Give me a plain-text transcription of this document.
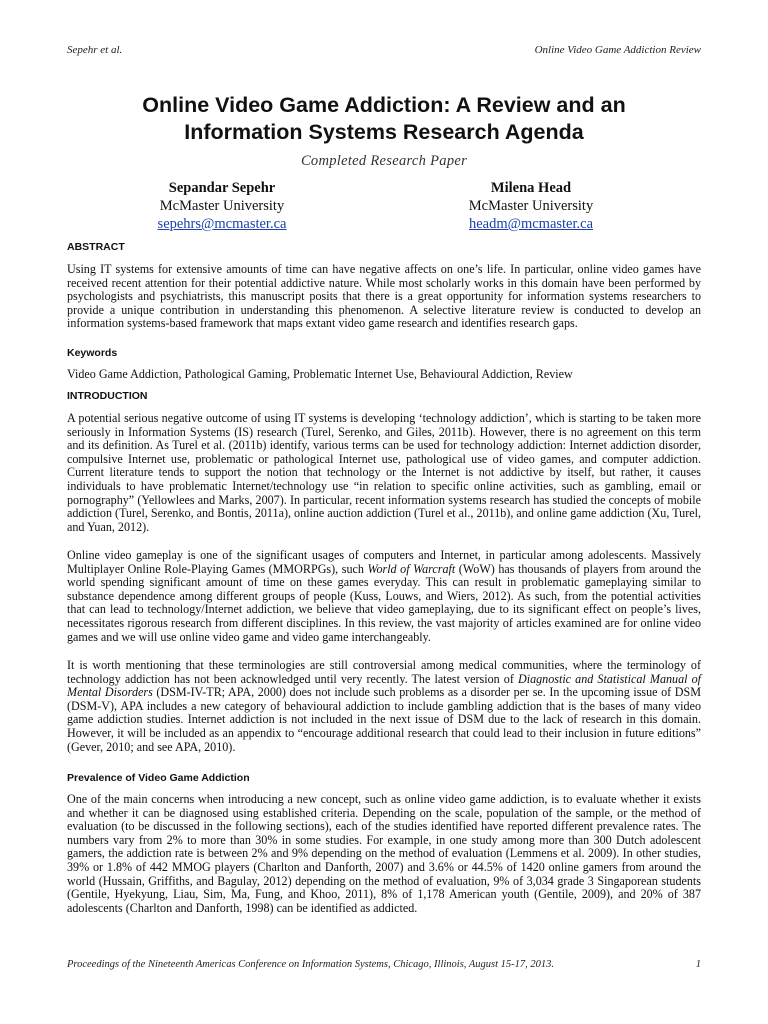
Sepehr et al.	Online Video Game Addiction Review
Online Video Game Addiction: A Review and an
Information Systems Research Agenda
Completed Research Paper
Sepandar Sepehr
McMaster University
sepehrs@mcmaster.ca
Milena Head
McMaster University
headm@mcmaster.ca
ABSTRACT

Using IT systems for extensive amounts of time can have negative affects on one’s life. In particular, online video games have received recent attention for their potential addictive nature. While most scholarly works in this domain have been performed by psychologists and psychiatrists, this manuscript posits that there is a great opportunity for information systems researchers to provide a unique contribution in understanding this phenomenon. A selective literature review is conducted to develop an information systems-based framework that maps extant video game research and identifies research gaps.

Keywords

Video Game Addiction, Pathological Gaming, Problematic Internet Use, Behavioural Addiction, Review

INTRODUCTION

A potential serious negative outcome of using IT systems is developing ‘technology addiction’, which is starting to be taken more seriously in Information Systems (IS) research (Turel, Serenko, and Giles, 2011b). However, there is no agreement on this term and its definition. As Turel et al. (2011b) identify, various terms can be used for technology addiction: Internet addiction disorder, compulsive Internet use, problematic or pathological Internet use, pathological use of video games, and computer addiction. Current literature tends to support the notion that technology or the Internet is not addictive by itself, but rather, it causes individuals to have problematic Internet/technology use “in relation to specific online activities, such as gambling, email or pornography” (Yellowlees and Marks, 2007). In particular, recent information systems research has studied the concepts of mobile addiction (Turel, Serenko, and Bontis, 2011a), online auction addiction (Turel et al., 2011b), and online game addiction (Xu, Turel, and Yuan, 2012).

Online video gameplay is one of the significant usages of computers and Internet, in particular among adolescents. Massively Multiplayer Online Role-Playing Games (MMORPGs), such World of Warcraft (WoW) has thousands of players from around the world spending significant amount of time on these games everyday. This can result in problematic gameplaying similar to substance dependence among different groups of people (Kuss, Louws, and Wiers, 2012). As such, from the potential activities that can lead to technology/Internet addiction, we believe that video gameplaying, due to its significant effect on people’s lives, necessitates rigorous research from different disciplines. In this review, the vast majority of articles examined are for online video games and we will use online video game and video game interchangeably.

It is worth mentioning that these terminologies are still controversial among medical communities, where the terminology of technology addiction has not been acknowledged until very recently. The latest version of Diagnostic and Statistical Manual of Mental Disorders (DSM-IV-TR; APA, 2000) does not include such problems as a disorder per se. In the upcoming issue of DSM (DSM-V), APA includes a new category of behavioural addiction to include gambling addiction that is the bases of many video game addiction studies. Internet addiction is not included in the next issue of DSM due to the lack of research in this domain. However, it will be included as an appendix to “encourage additional research that could lead to their inclusion in future editions” (Gever, 2010; and see APA, 2010).

Prevalence of Video Game Addiction

One of the main concerns when introducing a new concept, such as online video game addiction, is to evaluate whether it exists and whether it can be diagnosed using established criteria. Depending on the scale, population of the sample, or the method of evaluation (to be discussed in the following sections), each of the studies identified have reported different prevalence rates. The numbers vary from 2% to more than 30% in some studies. For example, in one study among more than 300 Dutch adolescent gamers, the addiction rate is between 2% and 9% depending on the method of evaluation (Lemmens et al. 2009). In other studies, 39% or 1.8% of 442 MMOG players (Charlton and Danforth, 2007) and 3.6% or 44.5% of 1420 online gamers from around the world (Hussain, Griffiths, and Bagulay, 2012) depending on the method of evaluation, 9% of 3,034 grade 3 Singaporean students (Gentile, Hyekyung, Liau, Sim, Ma, Fung, and Khoo, 2011), 8% of 1,178 American youth (Gentile, 2009), and 20% of 387 adolescents (Charlton and Danforth, 1998) can be identified as addicted.

Proceedings of the Nineteenth Americas Conference on Information Systems, Chicago, Illinois, August 15-17, 2013.	1
